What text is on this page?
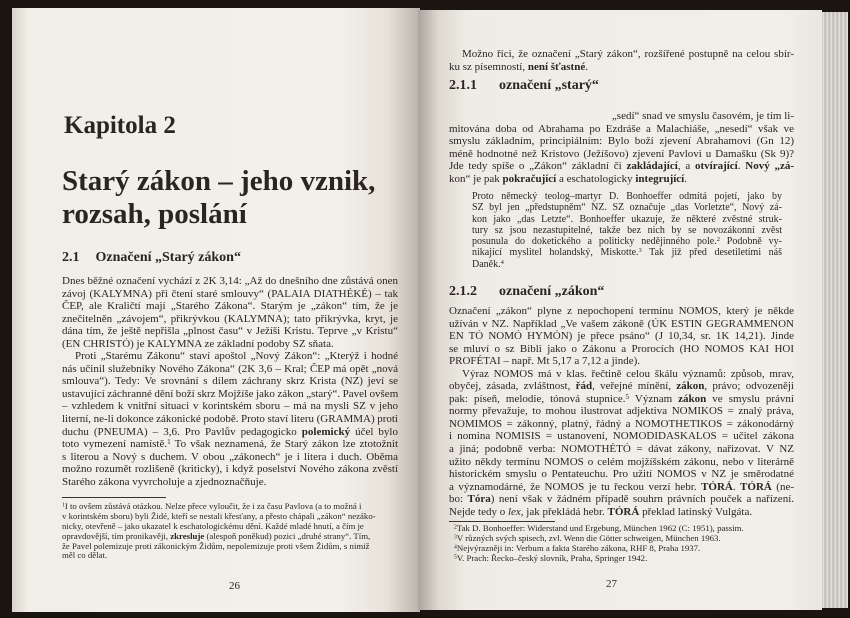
Kapitola 2
Starý zákon – jeho vznik,
rozsah, poslání
2.1 Označení „Starý zákon“
Dnes běžné označení vychází z 2K 3,14: „Až do dnešního dne zůstává onen
závoj (KALYMNA) při čtení staré smlouvy“ (PALAIA DIATHÉKÉ) – tak
ČEP, ale Kraličtí mají „Starého Zákona“. Starým je „zákon“ tím, že je
znečitelněn „závojem“, přikrývkou (KALYMNA); tato přikrývka, kryt, je
dána tím, že ještě nepřišla „plnost času“ v Ježíši Kristu. Teprve „v Kristu“
(EN CHRISTÓ) je KALYMNA ze základní podoby SZ sňata.
Proti „Starému Zákonu“ staví apoštol „Nový Zákon“: „Kterýž i hodné
nás učinil služebníky Nového Zákona“ (2K 3,6 – Kral; ČEP má opět „nová
smlouva“). Tedy: Ve srovnání s dílem záchrany skrz Krista (NZ) jeví se
ustavující záchranné dění boží skrz Mojžíše jako zákon „starý“. Pavel ovšem
– vzhledem k vnitřní situaci v korintském sboru – má na mysli SZ v jeho
literní, ne-li dokonce zákonické podobě. Proto staví literu (GRAMMA) proti
duchu (PNEUMA) – 3,6. Pro Pavlův pedagogicko polemický účel bylo
toto vymezení namístě.$^1$ To však neznamená, že Starý zákon lze ztotožnit
s literou a Nový s duchem. V obou „zákonech“ je i litera i duch. Oběma
možno rozumět rozlišeně (kriticky), i když poselství Nového zákona zvěstí
Starého zákona vyvrcholuje a zjednoznačňuje.
$^1$I to ovšem zůstává otázkou. Nelze přece vyloučit, že i za času Pavlova (a to možná i
v korintském sboru) byli Židé, kteří se nestali křesťany, a přesto chápali „zákon“ nezáko-
nicky, otevřeně – jako ukazatel k eschatologickému dění. Každé mladé hnutí, a čím je
opravdovější, tím pronikavěji, zkresluje (alespoň poněkud) pozici „druhé strany“. Tím,
že Pavel polemizuje proti zákonickým Židům, nepolemizuje proti všem Židům, s nimiž
měl co dělat.
26
Možno říci, že označení „Starý zákon“, rozšířené postupně na celou sbír-
ku sz písemností, není šťastné.
2.1.1 označení „starý“
„sedí“ snad ve smyslu časovém, je tím li-
mitována doba od Abrahama po Ezdráše a Malachiáše, „nesedí“ však ve
smyslu základním, principiálním: Bylo boží zjevení Abrahamovi (Gn 12)
méně hodnotné než Kristovo (Ježíšovo) zjevení Pavlovi u Damašku (Sk 9)?
Jde tedy spíše o „Zákon“ základní či zakládající, a otvírající. Nový „zá-
kon“ je pak pokračující a eschatologicky integrující.
Proto německý teolog–martyr D. Bonhoeffer odmítá pojetí, jako by
SZ byl jen „předstupněm“ NZ. SZ označuje „das Vorletzte“, Nový zá-
kon jako „das Letzte“. Bonhoeffer ukazuje, že některé zvěstné struk-
tury sz jsou nezastupitelné, takže bez nich by se novozákonní zvěst
posunula do doketického a politicky nedějinného pole.$^2$ Podobně vy-
nikající myslitel holandský, Miskotte.$^3$ Tak již před desetiletími náš
Daněk.$^4$
2.1.2 označení „zákon“
Označení „zákon“ plyne z nepochopení termínu NOMOS, který je někde
užíván v NZ. Například „Ve vašem zákoně (ÚK ESTIN GEGRAMMENON
EN TÓ NOMÓ HYMÓN) je přece psáno“ (J 10,34, sr. 1K 14,21). Jinde
se mluví o sz Bibli jako o Zákonu a Prorocích (HO NOMOS KAI HOI
PROFÉTAI – např. Mt 5,17 a 7,12 a jinde).
Výraz NOMOS má v klas. řečtině celou škálu významů: způsob, mrav,
obyčej, zásada, zvláštnost, řád, veřejné mínění, zákon, právo; odvozeněji
pak: píseň, melodie, tónová stupnice.$^5$ Význam zákon ve smyslu právní
normy převažuje, to mohou ilustrovat adjektiva NOMIKOS = znalý práva,
NOMIMOS = zákonný, platný, řádný a NOMOTHETIKOS = zákonodárný
i nomina NOMISIS = ustanovení, NOMODIDASKALOS = učitel zákona
a jiná; podobně verba: NOMOTHÉTÓ = dávat zákony, nařizovat. V NZ
užito někdy termínu NOMOS o celém mojžíšském zákonu, nebo v literárně
historickém smyslu o Pentateuchu. Pro užití NOMOS v NZ je směrodatné
a významodárné, že NOMOS je tu řeckou verzí hebr. TÓRÁ. TÓRÁ (ne-
bo: Tóra) není však v žádném případě souhrn právních pouček a nařízení.
Nejde tedy o lex, jak překládá hebr. TÓRÁ překlad latinský Vulgáta.
$^2$Tak D. Bonhoeffer: Widerstand und Ergebung, München 1962 (C: 1951), passim.
$^3$V různých svých spisech, zvl. Wenn die Götter schweigen, München 1963.
$^4$Nejvýrazněji in: Verbum a fakta Starého zákona, RHF 8, Praha 1937.
$^5$V. Prach: Řecko–český slovník, Praha, Springer 1942.
27
